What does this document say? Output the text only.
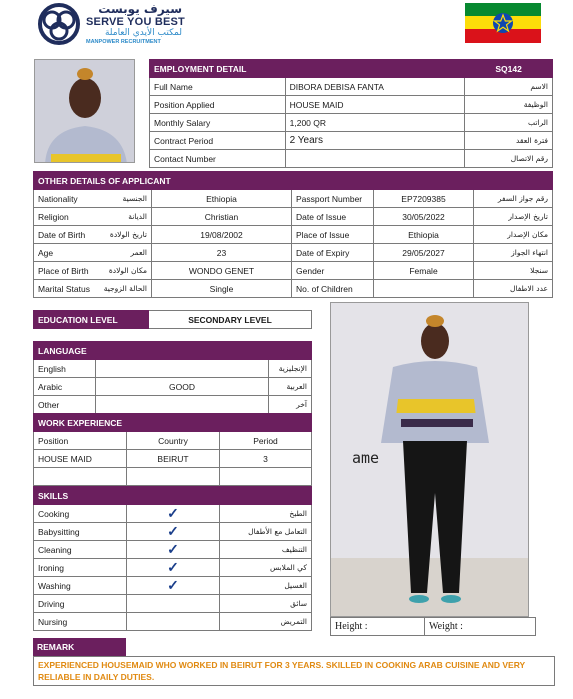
سيرف يوبست
SERVE YOU BEST
لمكتب الأيدي العاملة
MANPOWER RECRUITMENT
EMPLOYMENT DETAIL		SQ142
Full Name	DIBORA DEBISA FANTA	الاسم
Position Applied	HOUSE MAID	الوظيفة
Monthly Salary	1,200 QR	الراتب
Contract Period	2 Years	فترة العقد
Contact Number		رقم الاتصال
OTHER DETAILS OF APPLICANT				
Nationality الجنسية	Ethiopia	Passport Number	EP7209385	رقم جواز السفر
Religion الديانة	Christian	Date of Issue	30/05/2022	تاريخ الإصدار
Date of Birth تاريخ الولادة	19/08/2002	Place of Issue	Ethiopia	مكان الإصدار
Age العمر	23	Date of Expiry	29/05/2027	انتهاء الجواز
Place of Birth مكان الولادة	WONDO GENET	Gender	Female	سنجلا
Marital Status الحالة الزوجية	Single	No. of Children		عدد الاطفال
EDUCATION LEVEL	SECONDARY LEVEL
LANGUAGE		
English		الإنجليزية
Arabic	GOOD	العربية
Other		آخر
WORK EXPERIENCE		
Position	Country	Period
HOUSE MAID	BEIRUT	3

SKILLS		
Cooking	✓	الطبخ
Babysitting	✓	التعامل مع الأطفال
Cleaning	✓	التنظيف
Ironing	✓	كي الملابس
Washing	✓	الغسيل
Driving		سائق
Nursing		التمريض
ame
Height :		Weight :	
REMARK
EXPERIENCED HOUSEMAID WHO WORKED IN BEIRUT FOR 3 YEARS. SKILLED IN COOKING ARAB CUISINE AND VERY RELIABLE IN DAILY DUTIES.
